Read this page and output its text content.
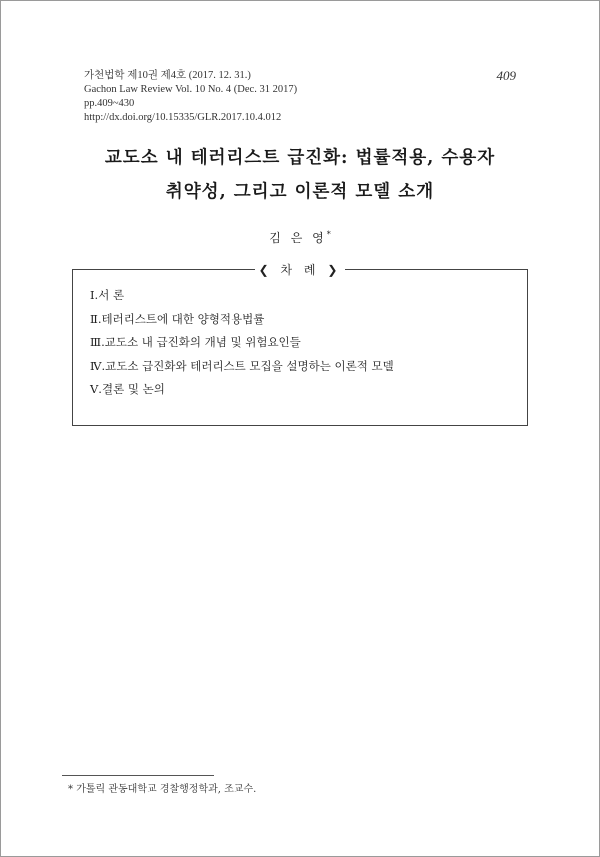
가천법학 제10권 제4호 (2017. 12. 31.)
Gachon Law Review Vol. 10 No. 4 (Dec. 31 2017)
pp.409~430
http://dx.doi.org/10.15335/GLR.2017.10.4.012
409
교도소 내 테러리스트 급진화: 법률적용, 수용자
취약성, 그리고 이론적 모델 소개
김 은 영*
❮ 차 례 ❯
Ⅰ.서 론
Ⅱ.테러리스트에 대한 양형적용법률
Ⅲ.교도소 내 급진화의 개념 및 위험요인들
Ⅳ.교도소 급진화와 테러리스트 모집을 설명하는 이론적 모델
Ⅴ.결론 및 논의
* 가톨릭 관동대학교 경찰행정학과, 조교수.
